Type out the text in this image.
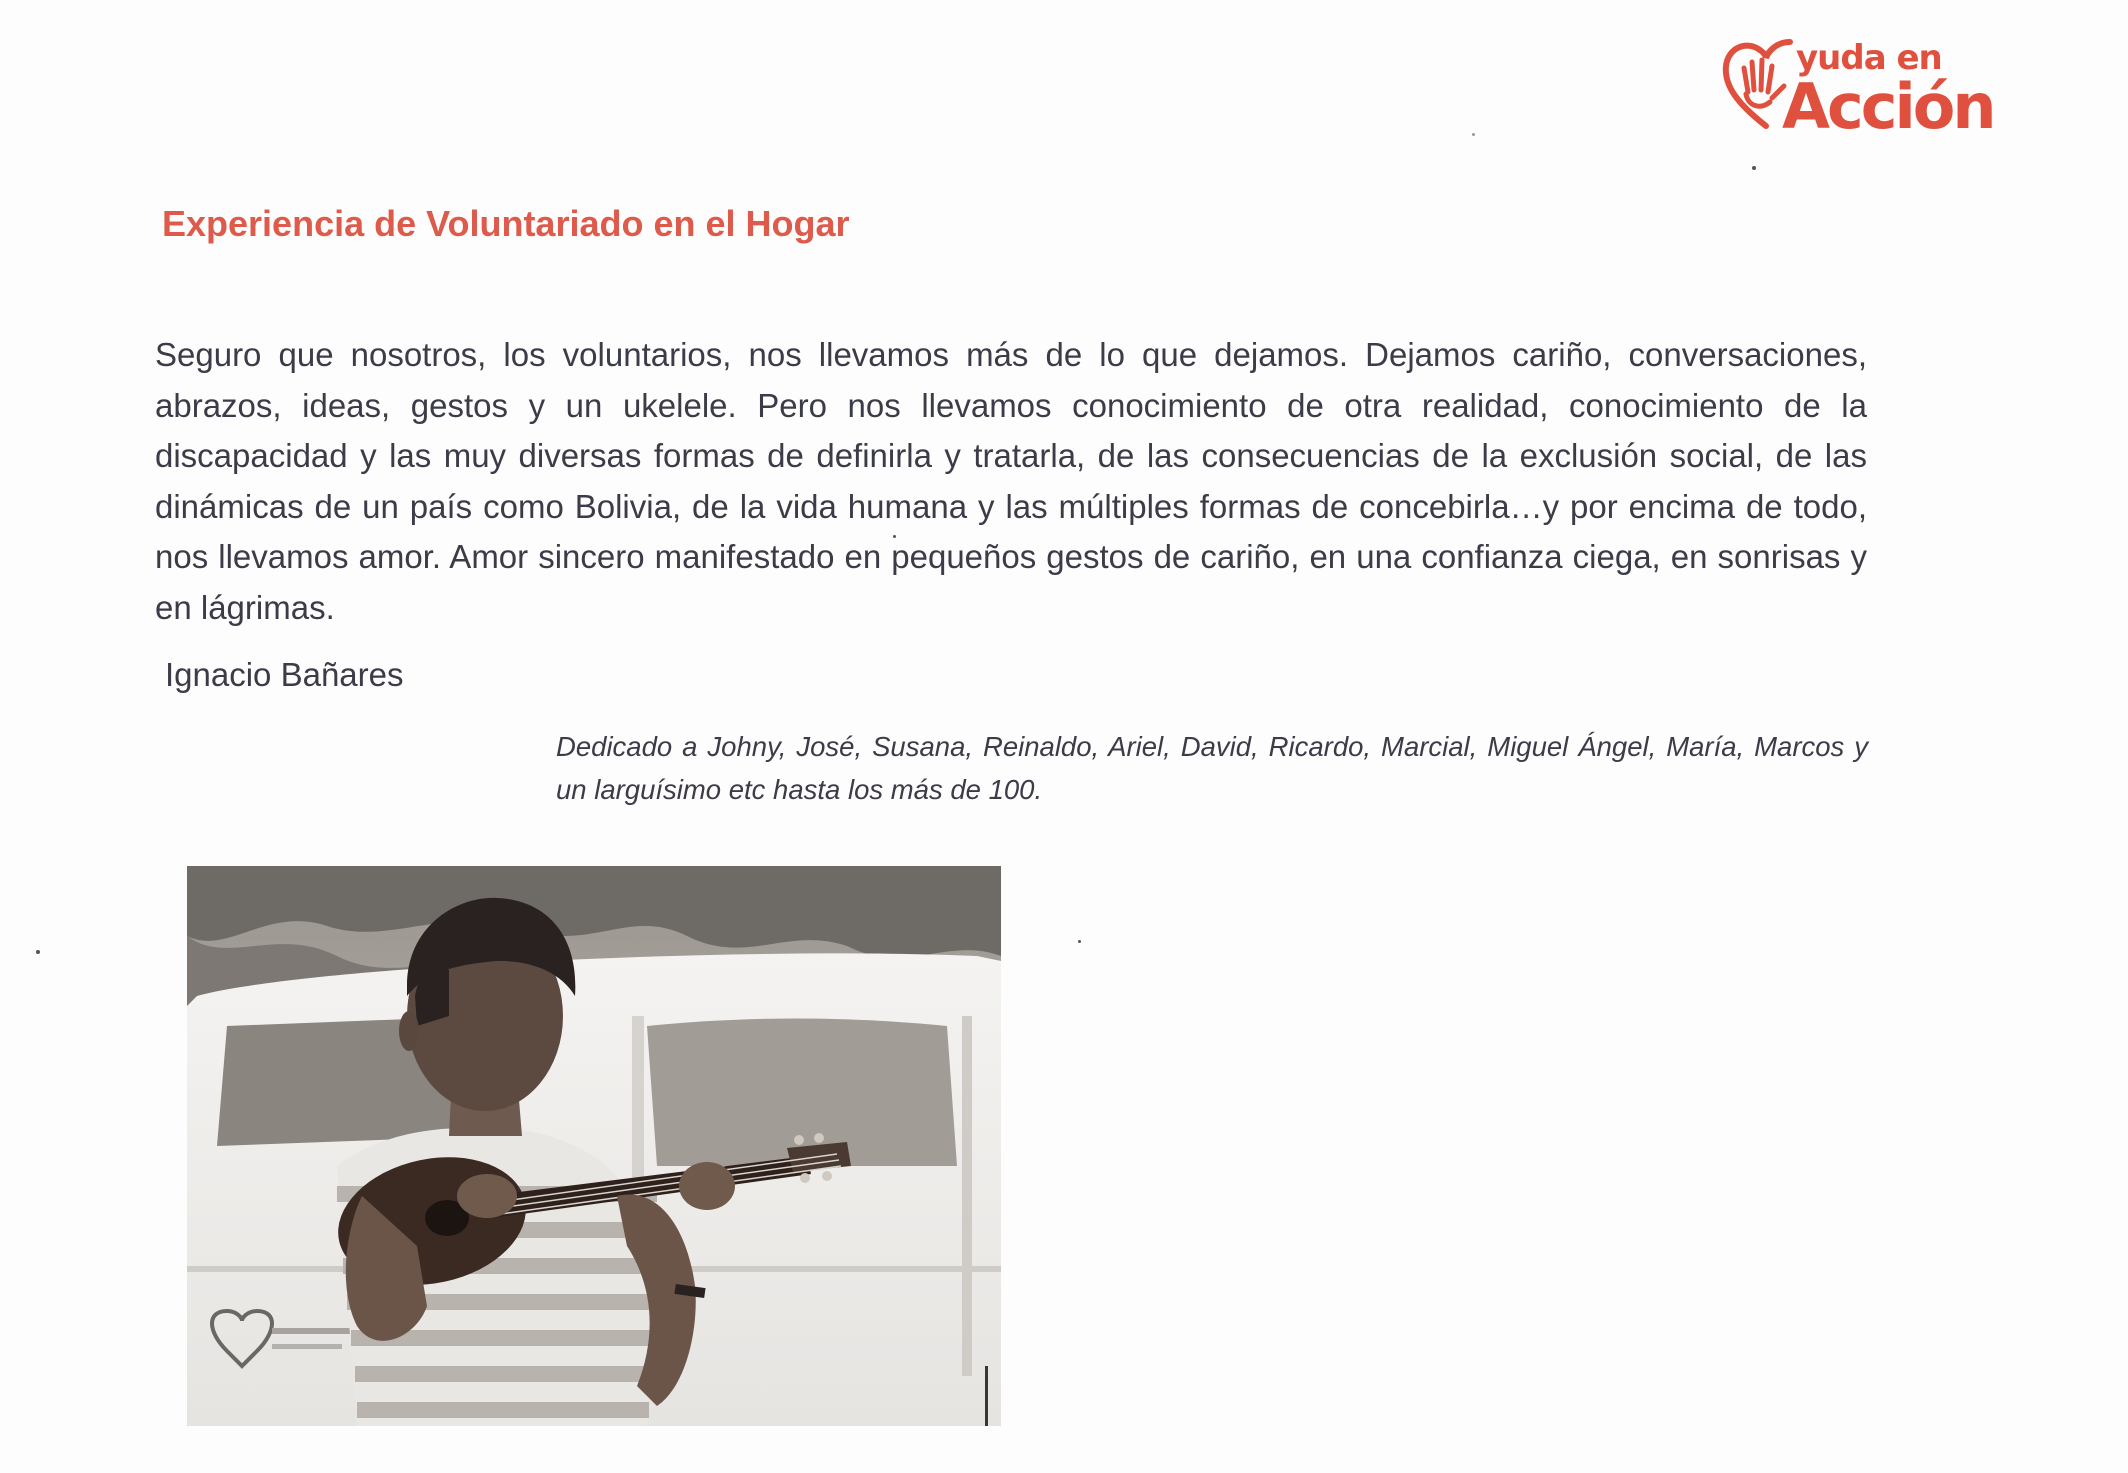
yuda en
Acción
Experiencia de Voluntariado en el Hogar

Seguro que nosotros, los voluntarios, nos llevamos más de lo que dejamos. Dejamos cariño, conversaciones, abrazos, ideas, gestos y un ukelele. Pero nos llevamos conocimiento de otra realidad, conocimiento de la discapacidad y las muy diversas formas de definirla y tratarla, de las consecuencias de la exclusión social, de las dinámicas de un país como Bolivia, de la vida humana y las múltiples formas de concebirla…y por encima de todo, nos llevamos amor. Amor sincero manifestado en pequeños gestos de cariño, en una confianza ciega, en sonrisas y en lágrimas.

Ignacio Bañares

Dedicado a Johny, José, Susana, Reinaldo, Ariel, David, Ricardo, Marcial, Miguel Ángel, María, Marcos y un larguísimo etc hasta los más de 100.
